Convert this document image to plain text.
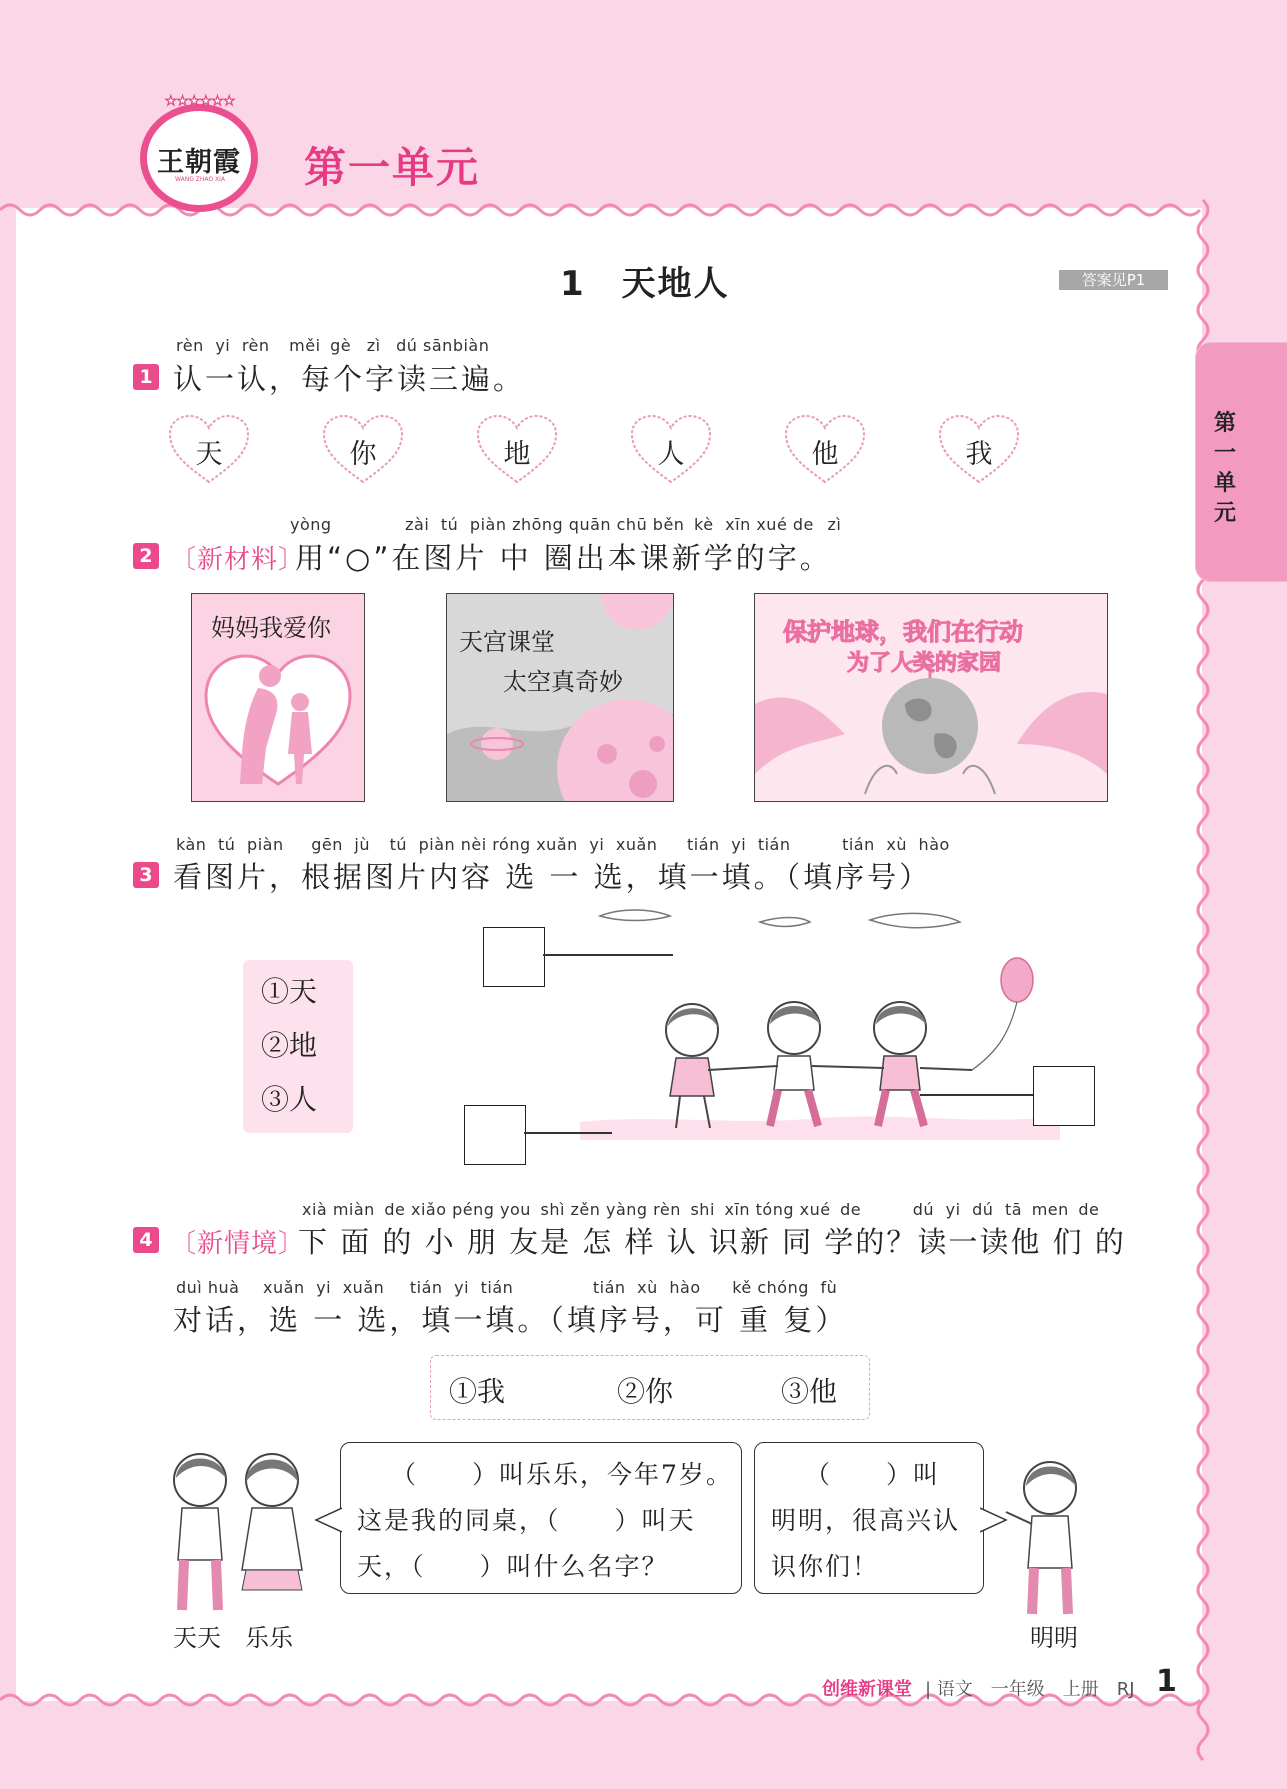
★★★★★★
王朝霞
WANG ZHAO XIA	第一单元
1　天地人	答案见P1
第一单元
rèn yi rèn měi gè zì dú sānbiàn
1 认一认，每个字读三遍。
天	你	地	人	他	我
yòng	zài tú piàn zhōng quān chū běn kè xīn xué de zì
2 〔新材料〕
用“○”在图片 中 圈出本课新学的字。
妈妈我爱你	天宫课堂
太空真奇妙
保护地球，我们在行动
为了人类的家园
kàn tú piàn gēn jù tú piàn nèi róng xuǎn yi xuǎn tián yi tián	tián xù hào
3 看图片，根据图片内容 选 一 选，填一填。（填序号）
①天
②地
③人
xià miàn de xiǎo péng you shì zěn yàng rèn shi xīn tóng xué de	dú yi dú tā men de
4 〔新情境〕
下 面 的 小 朋 友是 怎 样 认 识新 同 学的？读一读他 们 的
duì huà xuǎn yi xuǎn tián yi tián	tián xù hào kě chóng fù
对话，选 一 选，填一填。（填序号，可 重 复）
①我	②你	③他
天天　乐乐
（　　）叫乐乐，今年7岁。
这是我的同桌，（　　）叫天
天，（　　）叫什么名字？
（　　）叫
明明，很高兴认
识你们！
明明
创维新课堂 | 语文　一年级　上册　RJ 1
